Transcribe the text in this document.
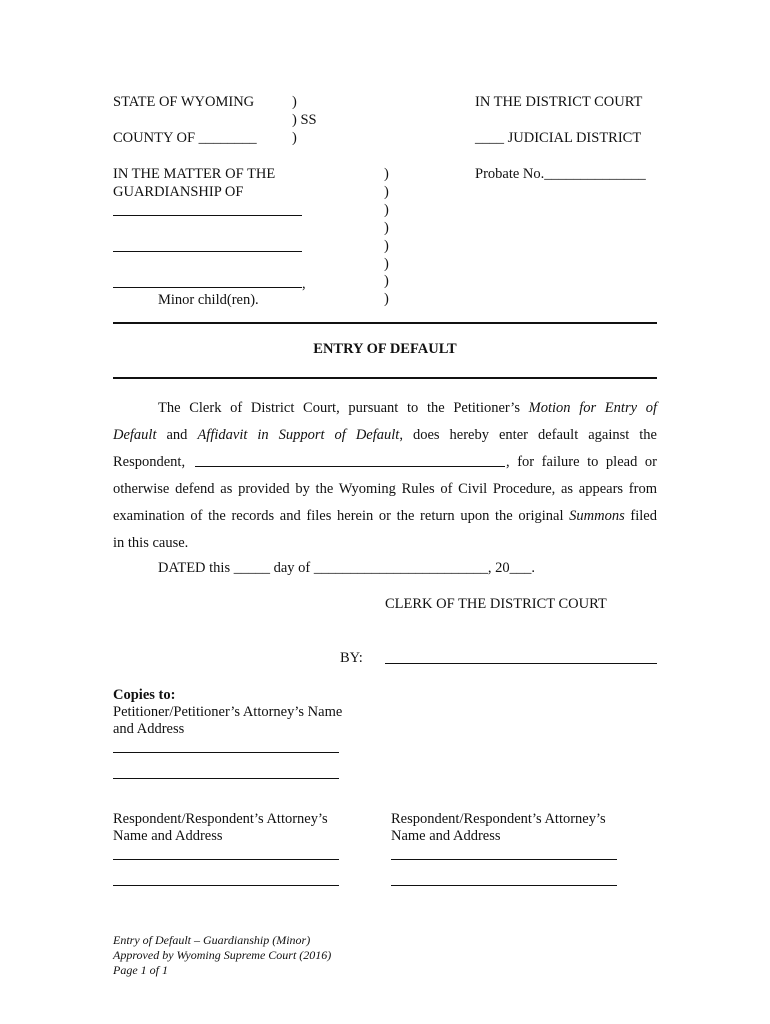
STATE OF WYOMING	)
) SS
)
COUNTY OF ________
IN THE DISTRICT COURT
____ JUDICIAL DISTRICT
IN THE MATTER OF THE
GUARDIANSHIP OF
,
Minor child(ren).
)
)
)
)
)
)
)
)
Probate No.______________
ENTRY OF DEFAULT
The Clerk of District Court, pursuant to the Petitioner’s Motion for Entry of
Default and Affidavit in Support of Default, does hereby enter default against the
Respondent,	, for failure to plead or
otherwise defend as provided by the Wyoming Rules of Civil Procedure, as appears from
examination of the records and files herein or the return upon the original Summons filed
in this cause.
DATED this _____ day of ________________________, 20___.
CLERK OF THE DISTRICT COURT
BY:
Copies to:
Petitioner/Petitioner’s Attorney’s Name
and Address
Respondent/Respondent’s Attorney’s
Name and Address
Respondent/Respondent’s Attorney’s
Name and Address
Entry of Default – Guardianship (Minor)
Approved by Wyoming Supreme Court (2016)
Page 1 of 1
